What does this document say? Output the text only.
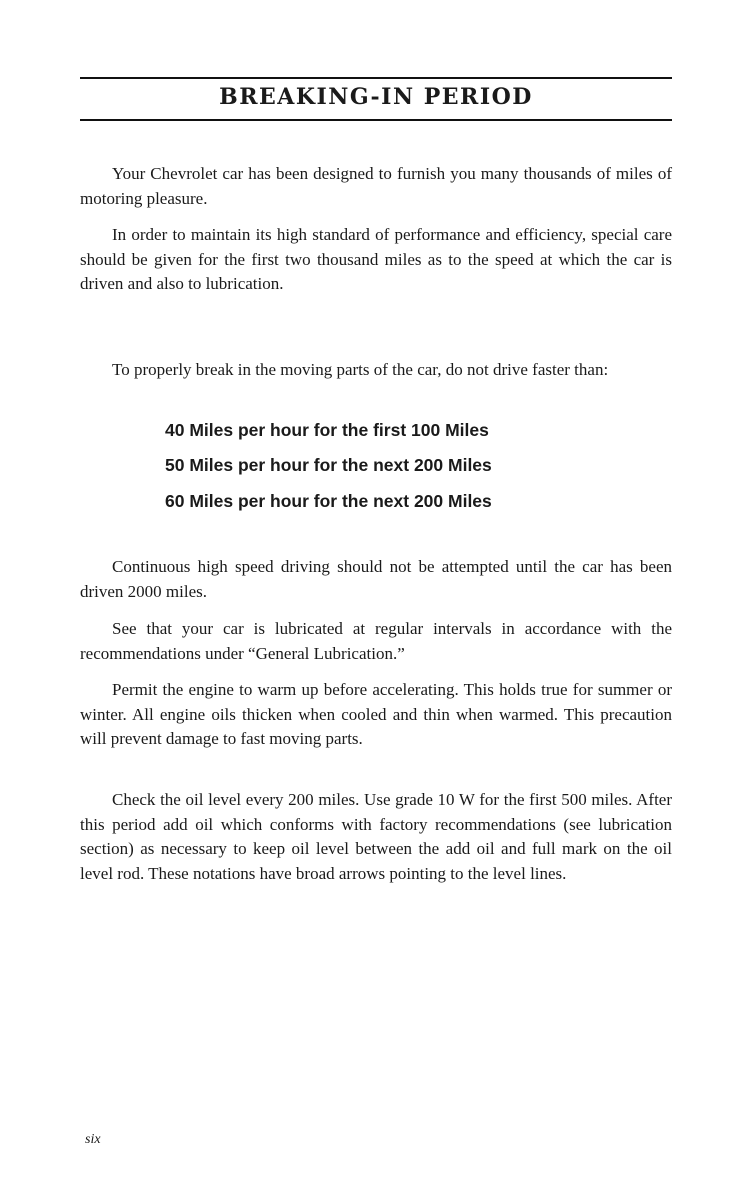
BREAKING-IN PERIOD
Your Chevrolet car has been designed to furnish you many thousands of miles of motoring pleasure.
In order to maintain its high standard of performance and efficiency, special care should be given for the first two thousand miles as to the speed at which the car is driven and also to lubrication.
To properly break in the moving parts of the car, do not drive faster than:
40 Miles per hour for the first 100 Miles
50 Miles per hour for the next 200 Miles
60 Miles per hour for the next 200 Miles
Continuous high speed driving should not be attempted until the car has been driven 2000 miles.
See that your car is lubricated at regular intervals in accordance with the recommendations under “General Lubrication.”
Permit the engine to warm up before accelerating. This holds true for summer or winter. All engine oils thicken when cooled and thin when warmed. This precaution will prevent damage to fast moving parts.
Check the oil level every 200 miles. Use grade 10 W for the first 500 miles. After this period add oil which conforms with factory recommendations (see lubrication section) as necessary to keep oil level between the add oil and full mark on the oil level rod. These notations have broad arrows pointing to the level lines.
six
